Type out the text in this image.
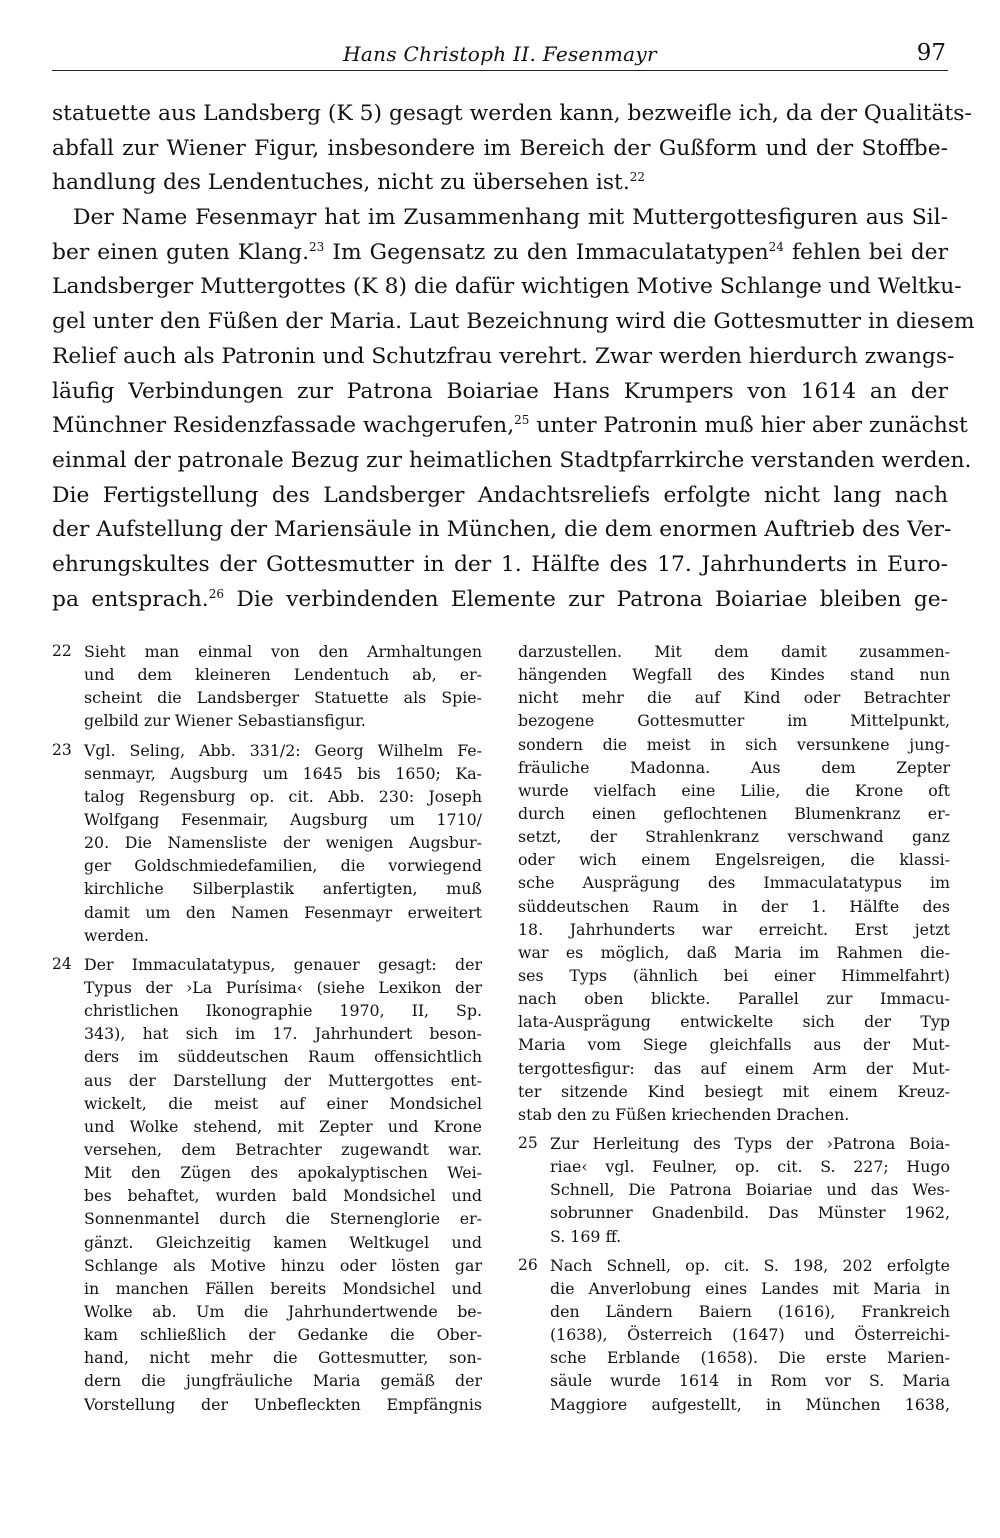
Hans Christoph II. Fesenmayr	97
statuette aus Landsberg (K 5) gesagt werden kann, bezweifle ich, da der Qualitäts-
abfall zur Wiener Figur, insbesondere im Bereich der Gußform und der Stoffbe-
handlung des Lendentuches, nicht zu übersehen ist.$^{22}$
Der Name Fesenmayr hat im Zusammenhang mit Muttergottesfiguren aus Sil-
ber einen guten Klang.$^{23}$ Im Gegensatz zu den Immaculatatypen$^{24}$ fehlen bei der
Landsberger Muttergottes (K 8) die dafür wichtigen Motive Schlange und Weltku-
gel unter den Füßen der Maria. Laut Bezeichnung wird die Gottesmutter in diesem
Relief auch als Patronin und Schutzfrau verehrt. Zwar werden hierdurch zwangs-
läufig Verbindungen zur Patrona Boiariae Hans Krumpers von 1614 an der
Münchner Residenzfassade wachgerufen,$^{25}$ unter Patronin muß hier aber zunächst
einmal der patronale Bezug zur heimatlichen Stadtpfarrkirche verstanden werden.
Die Fertigstellung des Landsberger Andachtsreliefs erfolgte nicht lang nach
der Aufstellung der Mariensäule in München, die dem enormen Auftrieb des Ver-
ehrungskultes der Gottesmutter in der 1. Hälfte des 17. Jahrhunderts in Euro-
pa entsprach.$^{26}$ Die verbindenden Elemente zur Patrona Boiariae bleiben ge-
22 Sieht man einmal von den Armhaltungen
und dem kleineren Lendentuch ab, er-
scheint die Landsberger Statuette als Spie-
gelbild zur Wiener Sebastiansfigur.
23 Vgl. Seling, Abb. 331/2: Georg Wilhelm Fe-
senmayr, Augsburg um 1645 bis 1650; Ka-
talog Regensburg op. cit. Abb. 230: Joseph
Wolfgang Fesenmair, Augsburg um 1710/
20. Die Namensliste der wenigen Augsbur-
ger Goldschmiedefamilien, die vorwiegend
kirchliche Silberplastik anfertigten, muß
damit um den Namen Fesenmayr erweitert
werden.
24 Der Immaculatatypus, genauer gesagt: der
Typus der ›La Purísima‹ (siehe Lexikon der
christlichen Ikonographie 1970, II, Sp.
343), hat sich im 17. Jahrhundert beson-
ders im süddeutschen Raum offensichtlich
aus der Darstellung der Muttergottes ent-
wickelt, die meist auf einer Mondsichel
und Wolke stehend, mit Zepter und Krone
versehen, dem Betrachter zugewandt war.
Mit den Zügen des apokalyptischen Wei-
bes behaftet, wurden bald Mondsichel und
Sonnenmantel durch die Sternenglorie er-
gänzt. Gleichzeitig kamen Weltkugel und
Schlange als Motive hinzu oder lösten gar
in manchen Fällen bereits Mondsichel und
Wolke ab. Um die Jahrhundertwende be-
kam schließlich der Gedanke die Ober-
hand, nicht mehr die Gottesmutter, son-
dern die jungfräuliche Maria gemäß der
Vorstellung der Unbefleckten Empfängnis
darzustellen. Mit dem damit zusammen-
hängenden Wegfall des Kindes stand nun
nicht mehr die auf Kind oder Betrachter
bezogene Gottesmutter im Mittelpunkt,
sondern die meist in sich versunkene jung-
fräuliche Madonna. Aus dem Zepter
wurde vielfach eine Lilie, die Krone oft
durch einen geflochtenen Blumenkranz er-
setzt, der Strahlenkranz verschwand ganz
oder wich einem Engelsreigen, die klassi-
sche Ausprägung des Immaculatatypus im
süddeutschen Raum in der 1. Hälfte des
18. Jahrhunderts war erreicht. Erst jetzt
war es möglich, daß Maria im Rahmen die-
ses Typs (ähnlich bei einer Himmelfahrt)
nach oben blickte. Parallel zur Immacu-
lata-Ausprägung entwickelte sich der Typ
Maria vom Siege gleichfalls aus der Mut-
tergottesfigur: das auf einem Arm der Mut-
ter sitzende Kind besiegt mit einem Kreuz-
stab den zu Füßen kriechenden Drachen.
25 Zur Herleitung des Typs der ›Patrona Boia-
riae‹ vgl. Feulner, op. cit. S. 227; Hugo
Schnell, Die Patrona Boiariae und das Wes-
sobrunner Gnadenbild. Das Münster 1962,
S. 169 ff.
26 Nach Schnell, op. cit. S. 198, 202 erfolgte
die Anverlobung eines Landes mit Maria in
den Ländern Baiern (1616), Frankreich
(1638), Österreich (1647) und Österreichi-
sche Erblande (1658). Die erste Marien-
säule wurde 1614 in Rom vor S. Maria
Maggiore aufgestellt, in München 1638,
